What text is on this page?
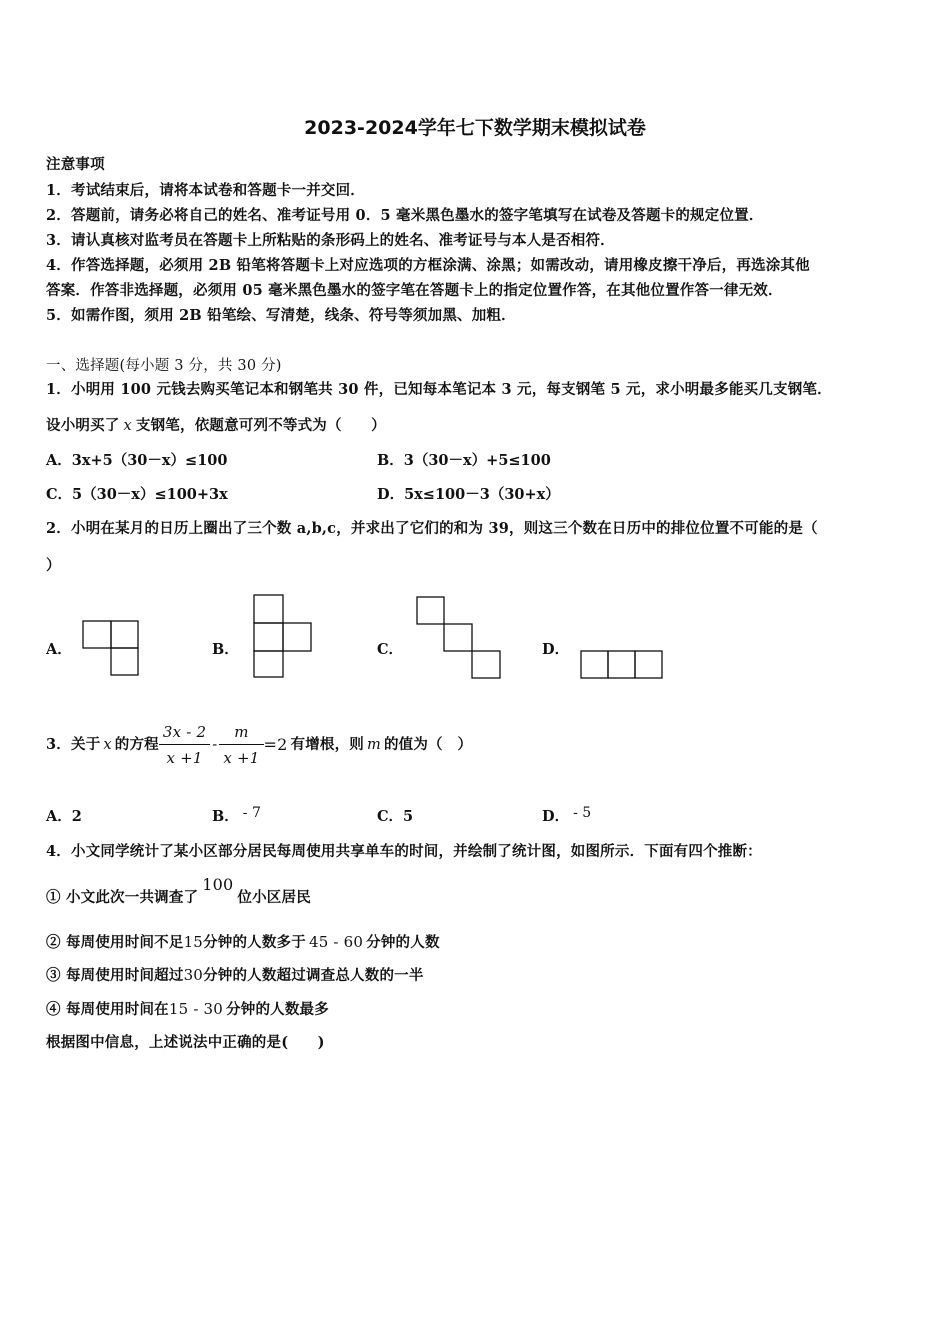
2023-2024学年七下数学期末模拟试卷
注意事项
1．考试结束后，请将本试卷和答题卡一并交回．
2．答题前，请务必将自己的姓名、准考证号用 0．5 毫米黑色墨水的签字笔填写在试卷及答题卡的规定位置．
3．请认真核对监考员在答题卡上所粘贴的条形码上的姓名、准考证号与本人是否相符．
4．作答选择题，必须用 2B 铅笔将答题卡上对应选项的方框涂满、涂黑；如需改动，请用橡皮擦干净后，再选涂其他
答案．作答非选择题，必须用 05 毫米黑色墨水的签字笔在答题卡上的指定位置作答，在其他位置作答一律无效．
5．如需作图，须用 2B 铅笔绘、写清楚，线条、符号等须加黑、加粗．
一、选择题(每小题 3 分，共 30 分)
1．小明用 100 元钱去购买笔记本和钢笔共 30 件，已知每本笔记本 3 元，每支钢笔 5 元，求小明最多能买几支钢笔．
设小明买了 x 支钢笔，依题意可列不等式为（　　）
A．3x+5（30－x）≤100	B．3（30－x）+5≤100
C．5（30－x）≤100+3x	D．5x≤100－3（30+x）
2．小明在某月的日历上圈出了三个数 a,b,c，并求出了它们的和为 39，则这三个数在日历中的排位位置不可能的是（
）
A．	B．	C．	D．
3．关于 x 的方程 $\frac{3x - 2}{x +1} - \frac{m}{x +1} =2$ 有增根，则 m 的值为（　）
A．2	B． - 7	C．5	D． - 5
4．小文同学统计了某小区部分居民每周使用共享单车的时间，并绘制了统计图，如图所示．下面有四个推断：
① 小文此次一共调查了100位小区居民
② 每周使用时间不足15分钟的人数多于 45 - 60 分钟的人数
③ 每周使用时间超过30分钟的人数超过调查总人数的一半
④ 每周使用时间在15 - 30 分钟的人数最多
根据图中信息，上述说法中正确的是(　　)
